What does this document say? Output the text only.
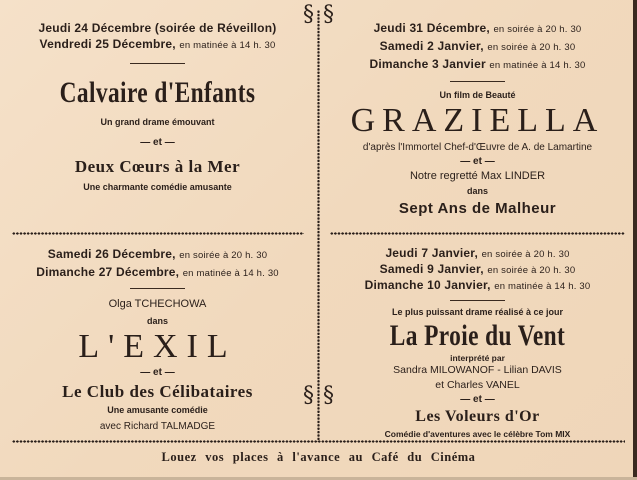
§ §
§ §
Jeudi 24 Décembre (soirée de Réveillon)
Vendredi 25 Décembre, en matinée à 14 h. 30
Calvaire d'Enfants
Un grand drame émouvant
— et —
Deux Cœurs à la Mer
Une charmante comédie amusante
Jeudi 31 Décembre, en soirée à 20 h. 30
Samedi 2 Janvier, en soirée à 20 h. 30
Dimanche 3 Janvier en matinée à 14 h. 30
Un film de Beauté
GRAZIELLA
d'après l'Immortel Chef-d'Œuvre de A. de Lamartine
— et —
Notre regretté Max LINDER
dans
Sept Ans de Malheur
Samedi 26 Décembre, en soirée à 20 h. 30
Dimanche 27 Décembre, en matinée à 14 h. 30
Olga TCHECHOWA
dans
L'EXIL
— et —
Le Club des Célibataires
Une amusante comédie
avec Richard TALMADGE
Jeudi 7 Janvier, en soirée à 20 h. 30
Samedi 9 Janvier, en soirée à 20 h. 30
Dimanche 10 Janvier, en matinée à 14 h. 30
Le plus puissant drame réalisé à ce jour
La Proie du Vent
interprété par
Sandra MILOWANOF - Lilian DAVIS
et Charles VANEL
— et —
Les Voleurs d'Or
Comédie d'aventures avec le célèbre Tom MIX
Louez vos places à l'avance au Café du Cinéma
